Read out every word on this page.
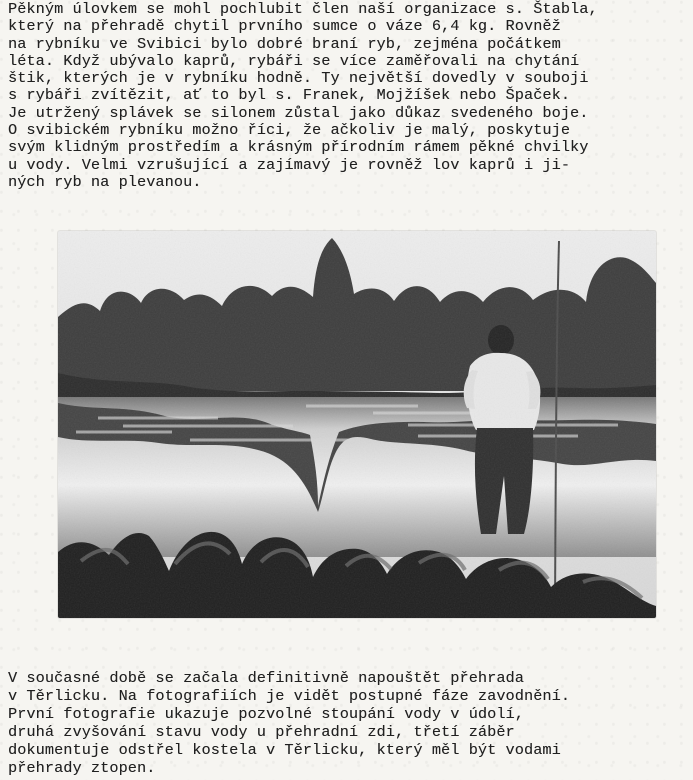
Pěkným úlovkem se mohl pochlubit člen naší organizace s. Štabla,
který na přehradě chytil prvního sumce o váze 6,4 kg. Rovněž
na rybníku ve Svibici bylo dobré braní ryb, zejména počátkem
léta. Když ubývalo kaprů, rybáři se více zaměřovali na chytání
štik, kterých je v rybníku hodně. Ty největší dovedly v souboji
s rybáři zvítězit, ať to byl s. Franek, Mojžíšek nebo Špaček.
Je utržený splávek se silonem zůstal jako důkaz svedeného boje.
O svibickém rybníku možno říci, že ačkoliv je malý, poskytuje
svým klidným prostředím a krásným přírodním rámem pěkné chvilky
u vody. Velmi vzrušující a zajímavý je rovněž lov kaprů i ji-
ných ryb na plevanou.
V současné době se začala definitivně napouštět přehrada
v Těrlicku. Na fotografiích je vidět postupné fáze zavodnění.
První fotografie ukazuje pozvolné stoupání vody v údolí,
druhá zvyšování stavu vody u přehradní zdi, třetí záběr
dokumentuje odstřel kostela v Těrlicku, který měl být vodami
přehrady ztopen.
